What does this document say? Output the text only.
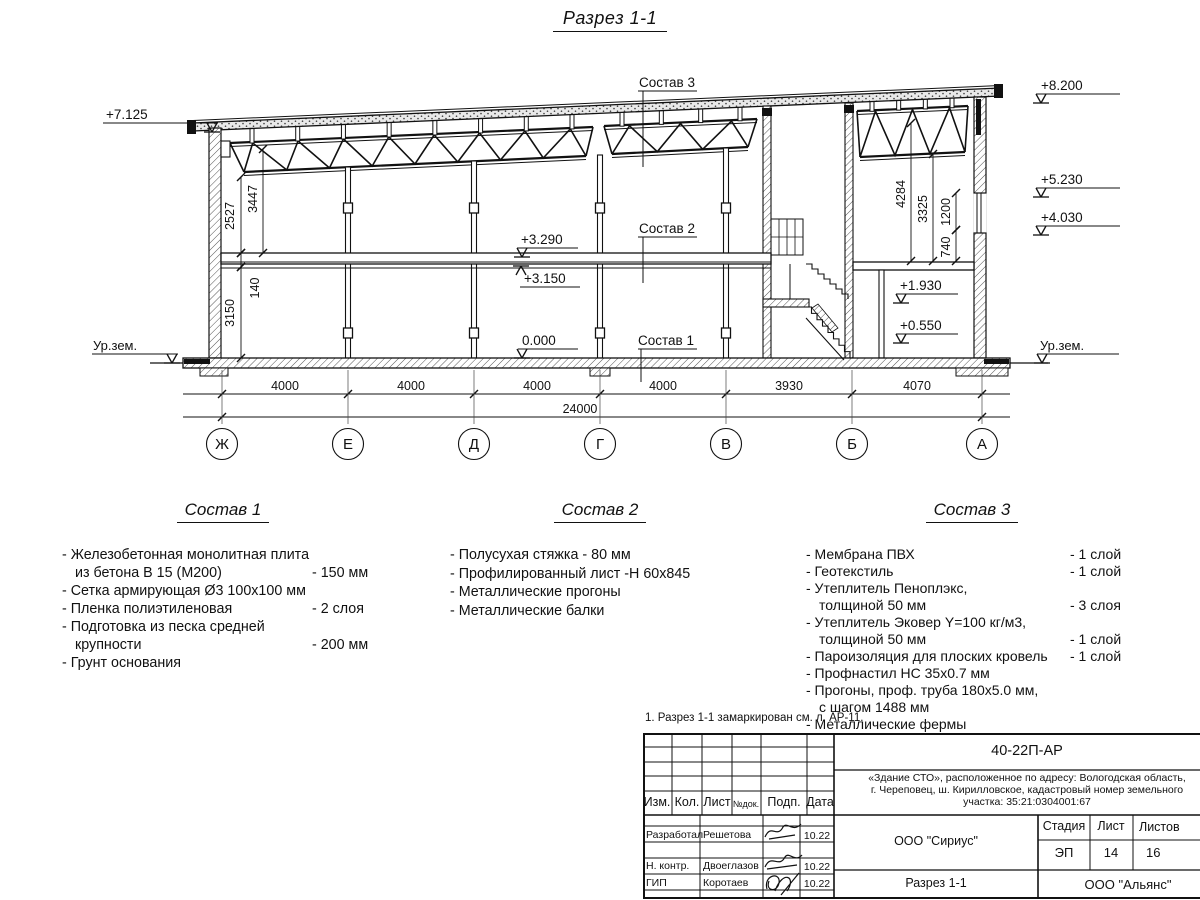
4000	4000	4000	4000	3930	4070
Ж	Е	Д	Г	В	Б	А
Состав 3
Состав 2
Состав 1
+7.125
+8.200
+5.230
+4.030
+3.290
+3.150
0.000
+1.930
+0.550
Ур.зем.	Ур.зем.
2527
3447
140
3150
4284
3325 1200
740
24000
Разрез 1-1
Состав 1
- Железобетонная монолитная плита
из бетона В 15 (М200)	- 150 мм
- Сетка армирующая Ø3 100х100 мм
- Пленка полиэтиленовая	- 2 слоя
- Подготовка из песка средней
крупности	- 200 мм
- Грунт основания
Состав 2
- Полусухая стяжка - 80 мм
- Профилированный лист -Н 60х845
- Металлические прогоны
- Металлические балки
Состав 3
- Мембрана ПВХ	- 1 слой
- Геотекстиль	- 1 слой
- Утеплитель Пеноплэкс,
толщиной 50 мм	- 3 слоя
- Утеплитель Эковер Y=100 кг/м3,
толщиной 50 мм	- 1 слой
- Пароизоляция для плоских кровель	- 1 слой
- Профнастил НС 35х0.7 мм
- Прогоны, проф. труба 180х5.0 мм,
с шагом 1488 мм
- Металлические фермы
1. Разрез 1-1 замаркирован см. л. АР-11.
Изм. Кол. Лист №док. Подп. Дата
Разработал Решетова	10.22
Н. контр. Двоеглазов	10.22
ГИП	Коротаев	10.22
40-22П-АР
«Здание СТО», расположенное по адресу: Вологодская область,
г. Череповец, ш. Кирилловское, кадастровый номер земельного
участка: 35:21:0304001:67
ООО "Сириус"
Разрез 1-1
Стадия Лист Листов
ЭП 14 16
ООО "Альянс"
